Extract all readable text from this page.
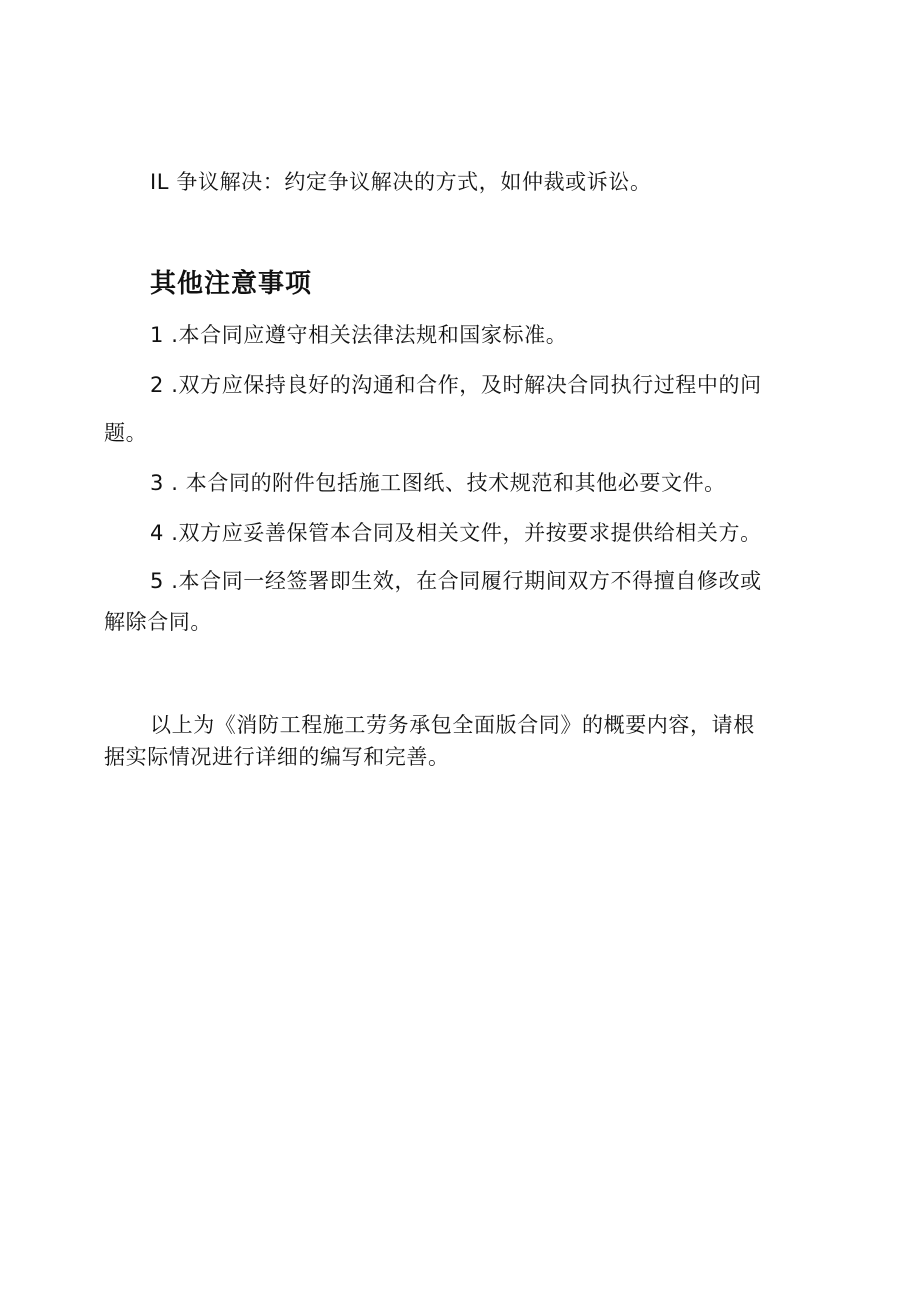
IL 争议解决：约定争议解决的方式，如仲裁或诉讼。
其他注意事项
1 .本合同应遵守相关法律法规和国家标准。
2 .双方应保持良好的沟通和合作，及时解决合同执行过程中的问
题。
3 . 本合同的附件包括施工图纸、技术规范和其他必要文件。
4 .双方应妥善保管本合同及相关文件，并按要求提供给相关方。
5 .本合同一经签署即生效，在合同履行期间双方不得擅自修改或
解除合同。
以上为《消防工程施工劳务承包全面版合同》的概要内容，请根
据实际情况进行详细的编写和完善。
